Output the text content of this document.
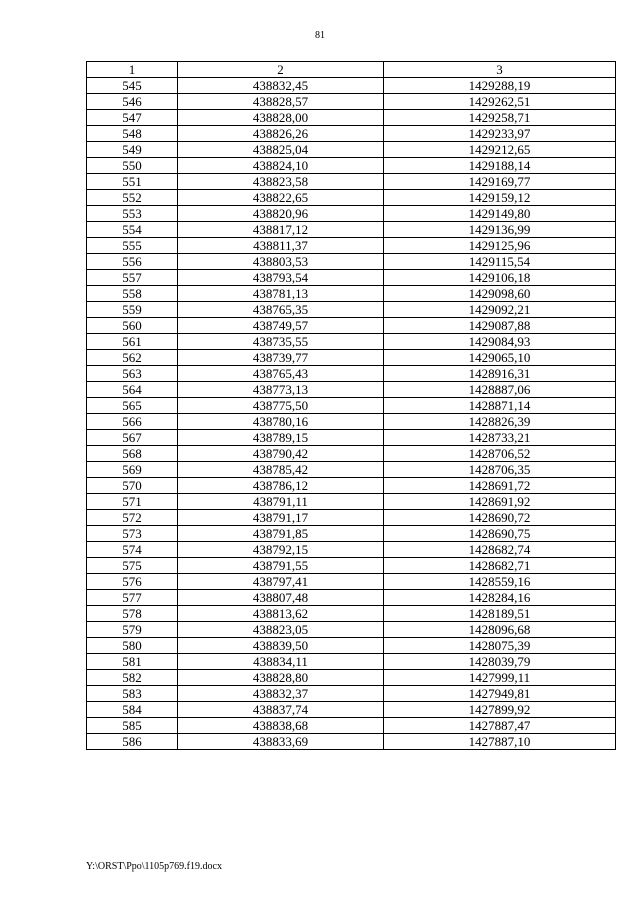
81
1	2	3
545	438832,45	1429288,19
546	438828,57	1429262,51
547	438828,00	1429258,71
548	438826,26	1429233,97
549	438825,04	1429212,65
550	438824,10	1429188,14
551	438823,58	1429169,77
552	438822,65	1429159,12
553	438820,96	1429149,80
554	438817,12	1429136,99
555	438811,37	1429125,96
556	438803,53	1429115,54
557	438793,54	1429106,18
558	438781,13	1429098,60
559	438765,35	1429092,21
560	438749,57	1429087,88
561	438735,55	1429084,93
562	438739,77	1429065,10
563	438765,43	1428916,31
564	438773,13	1428887,06
565	438775,50	1428871,14
566	438780,16	1428826,39
567	438789,15	1428733,21
568	438790,42	1428706,52
569	438785,42	1428706,35
570	438786,12	1428691,72
571	438791,11	1428691,92
572	438791,17	1428690,72
573	438791,85	1428690,75
574	438792,15	1428682,74
575	438791,55	1428682,71
576	438797,41	1428559,16
577	438807,48	1428284,16
578	438813,62	1428189,51
579	438823,05	1428096,68
580	438839,50	1428075,39
581	438834,11	1428039,79
582	438828,80	1427999,11
583	438832,37	1427949,81
584	438837,74	1427899,92
585	438838,68	1427887,47
586	438833,69	1427887,10
Y:\ORST\Ppo\1105p769.f19.docx
